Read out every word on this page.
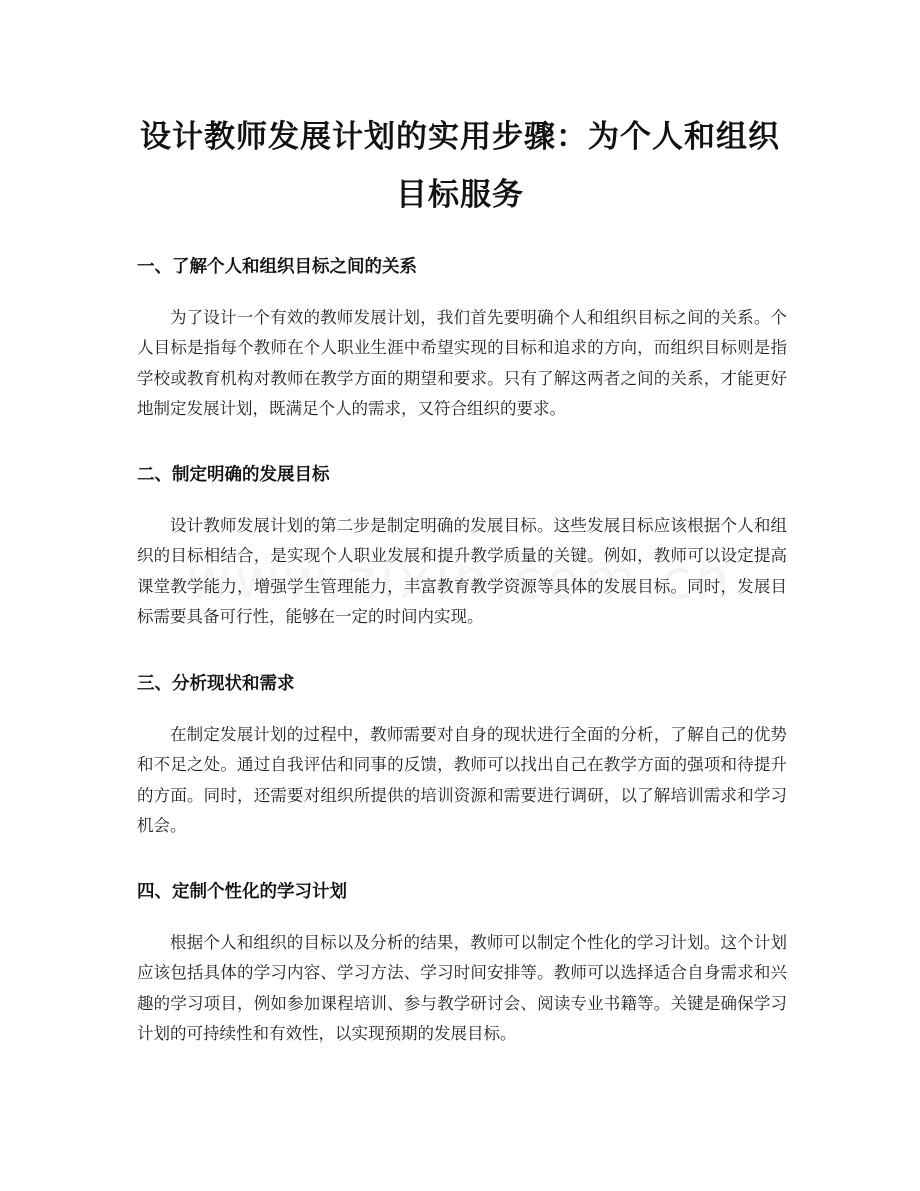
设计教师发展计划的实用步骤：为个人和组织目标服务
一、了解个人和组织目标之间的关系

为了设计一个有效的教师发展计划，我们首先要明确个人和组织目标之间的关系。个人目标是指每个教师在个人职业生涯中希望实现的目标和追求的方向，而组织目标则是指学校或教育机构对教师在教学方面的期望和要求。只有了解这两者之间的关系，才能更好地制定发展计划，既满足个人的需求，又符合组织的要求。

二、制定明确的发展目标

设计教师发展计划的第二步是制定明确的发展目标。这些发展目标应该根据个人和组织的目标相结合，是实现个人职业发展和提升教学质量的关键。例如，教师可以设定提高课堂教学能力，增强学生管理能力，丰富教育教学资源等具体的发展目标。同时，发展目标需要具备可行性，能够在一定的时间内实现。

三、分析现状和需求

在制定发展计划的过程中，教师需要对自身的现状进行全面的分析，了解自己的优势和不足之处。通过自我评估和同事的反馈，教师可以找出自己在教学方面的强项和待提升的方面。同时，还需要对组织所提供的培训资源和需要进行调研，以了解培训需求和学习机会。

四、定制个性化的学习计划

根据个人和组织的目标以及分析的结果，教师可以制定个性化的学习计划。这个计划应该包括具体的学习内容、学习方法、学习时间安排等。教师可以选择适合自身需求和兴趣的学习项目，例如参加课程培训、参与教学研讨会、阅读专业书籍等。关键是确保学习计划的可持续性和有效性，以实现预期的发展目标。
